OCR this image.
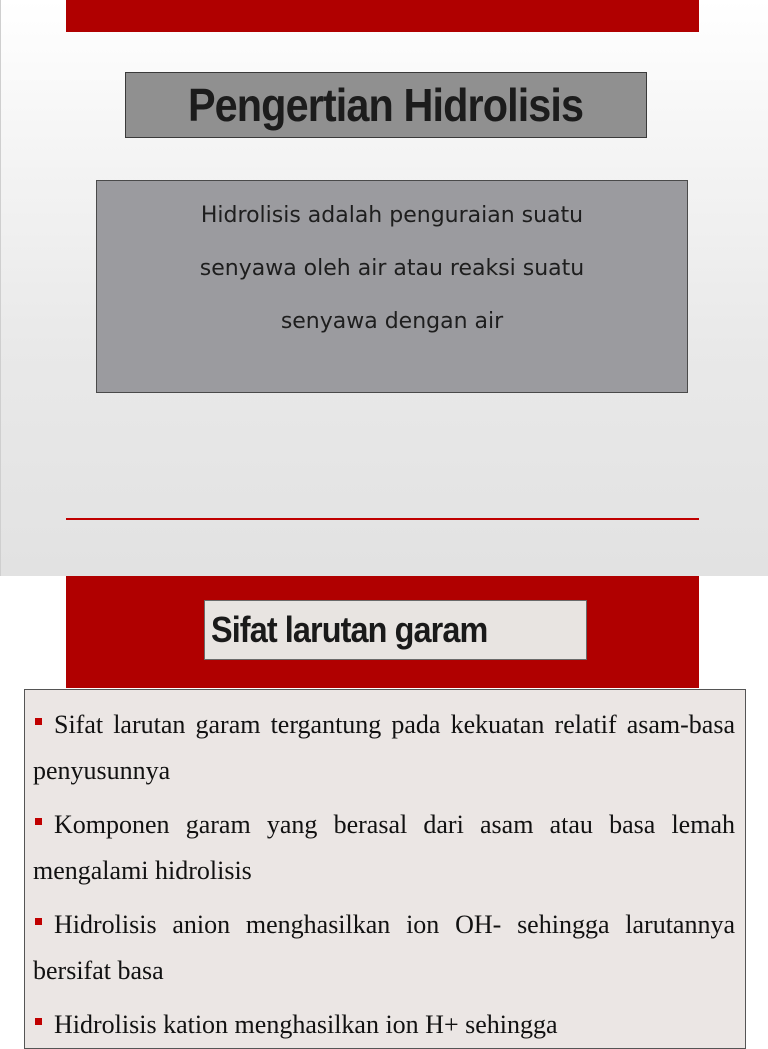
Pengertian Hidrolisis
Hidrolisis adalah penguraian suatu
senyawa oleh air atau reaksi suatu
senyawa dengan air
Sifat larutan garam
Sifat larutan garam tergantung pada kekuatan relatif asam-basa penyusunnya
Komponen garam yang berasal dari asam atau basa lemah mengalami hidrolisis
Hidrolisis anion menghasilkan ion OH- sehingga larutannya bersifat basa
Hidrolisis kation menghasilkan ion H+ sehingga
